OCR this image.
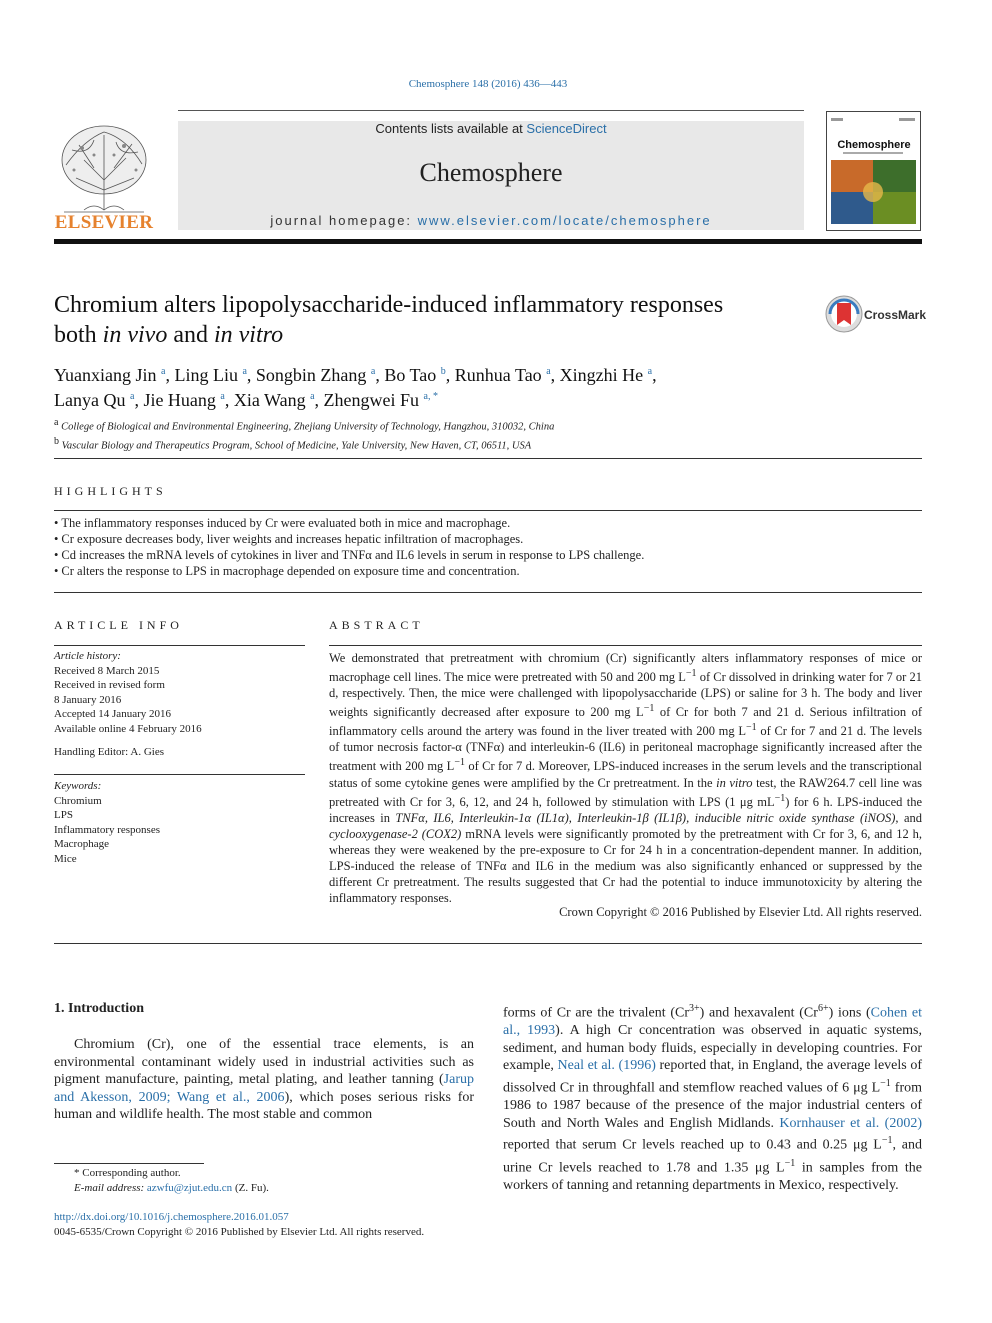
Chemosphere 148 (2016) 436—443
ELSEVIER
Contents lists available at ScienceDirect
Chemosphere
journal homepage: www.elsevier.com/locate/chemosphere
Chemosphere
Chromium alters lipopolysaccharide-induced inflammatory responses
both in vivo and in vitro
CrossMark
Yuanxiang Jin $^a$, Ling Liu $^a$, Songbin Zhang $^a$, Bo Tao $^b$, Runhua Tao $^a$, Xingzhi He $^a$,
Lanya Qu $^a$, Jie Huang $^a$, Xia Wang $^a$, Zhengwei Fu $^{a, *}$
$^a$ College of Biological and Environmental Engineering, Zhejiang University of Technology, Hangzhou, 310032, China
$^b$ Vascular Biology and Therapeutics Program, School of Medicine, Yale University, New Haven, CT, 06511, USA
HIGHLIGHTS
• The inflammatory responses induced by Cr were evaluated both in mice and macrophage.
• Cr exposure decreases body, liver weights and increases hepatic infiltration of macrophages.
• Cd increases the mRNA levels of cytokines in liver and TNFα and IL6 levels in serum in response to LPS challenge.
• Cr alters the response to LPS in macrophage depended on exposure time and concentration.
ARTICLE INFO
Article history:
Received 8 March 2015
Received in revised form
8 January 2016
Accepted 14 January 2016
Available online 4 February 2016
Handling Editor: A. Gies
Keywords:
Chromium
LPS
Inflammatory responses
Macrophage
Mice
ABSTRACT
We demonstrated that pretreatment with chromium (Cr) significantly alters inflammatory responses of mice or macrophage cell lines. The mice were pretreated with 50 and 200 mg $L^{-1}$ of Cr dissolved in drinking water for 7 or 21 d, respectively. Then, the mice were challenged with lipopolysaccharide (LPS) or saline for 3 h. The body and liver weights significantly decreased after exposure to 200 mg $L^{-1}$ of Cr for both 7 and 21 d. Serious infiltration of inflammatory cells around the artery was found in the liver treated with 200 mg $L^{-1}$ of Cr for 7 and 21 d. The levels of tumor necrosis factor-α (TNFα) and interleukin-6 (IL6) in peritoneal macrophage significantly increased after the treatment with 200 mg $L^{-1}$ of Cr for 7 d. Moreover, LPS-induced increases in the serum levels and the transcriptional status of some cytokine genes were amplified by the Cr pretreatment. In the in vitro test, the RAW264.7 cell line was pretreated with Cr for 3, 6, 12, and 24 h, followed by stimulation with LPS (1 μg $mL^{-1}$) for 6 h. LPS-induced the increases in TNFα, IL6, Interleukin-1α (IL1α), Interleukin-1β (IL1β), inducible nitric oxide synthase (iNOS), and cyclooxygenase-2 (COX2) mRNA levels were significantly promoted by the pretreatment with Cr for 3, 6, and 12 h, whereas they were weakened by the pre-exposure to Cr for 24 h in a concentration-dependent manner. In addition, LPS-induced the release of TNFα and IL6 in the medium was also significantly enhanced or suppressed by the different Cr pretreatment. The results suggested that Cr had the potential to induce immunotoxicity by altering the inflammatory responses.
Crown Copyright © 2016 Published by Elsevier Ltd. All rights reserved.
1. Introduction
Chromium (Cr), one of the essential trace elements, is an environmental contaminant widely used in industrial activities such as pigment manufacture, painting, metal plating, and leather tanning (Jarup and Akesson, 2009; Wang et al., 2006), which poses serious risks for human and wildlife health. The most stable and common
forms of Cr are the trivalent $(Cr^{3+})$ and hexavalent $(Cr^{6+})$ ions (Cohen et al., 1993). A high Cr concentration was observed in aquatic systems, sediment, and human body fluids, especially in developing countries. For example, Neal et al. (1996) reported that, in England, the average levels of dissolved Cr in throughfall and stemflow reached values of 6 μg $L^{-1}$ from 1986 to 1987 because of the presence of the major industrial centers of South and North Wales and English Midlands. Kornhauser et al. (2002) reported that serum Cr levels reached up to 0.43 and 0.25 μg $L^{-1}$, and urine Cr levels reached to 1.78 and 1.35 μg $L^{-1}$ in samples from the workers of tanning and retanning departments in Mexico, respectively.
* Corresponding author.
E-mail address: azwfu@zjut.edu.cn (Z. Fu).
http://dx.doi.org/10.1016/j.chemosphere.2016.01.057
0045-6535/Crown Copyright © 2016 Published by Elsevier Ltd. All rights reserved.
